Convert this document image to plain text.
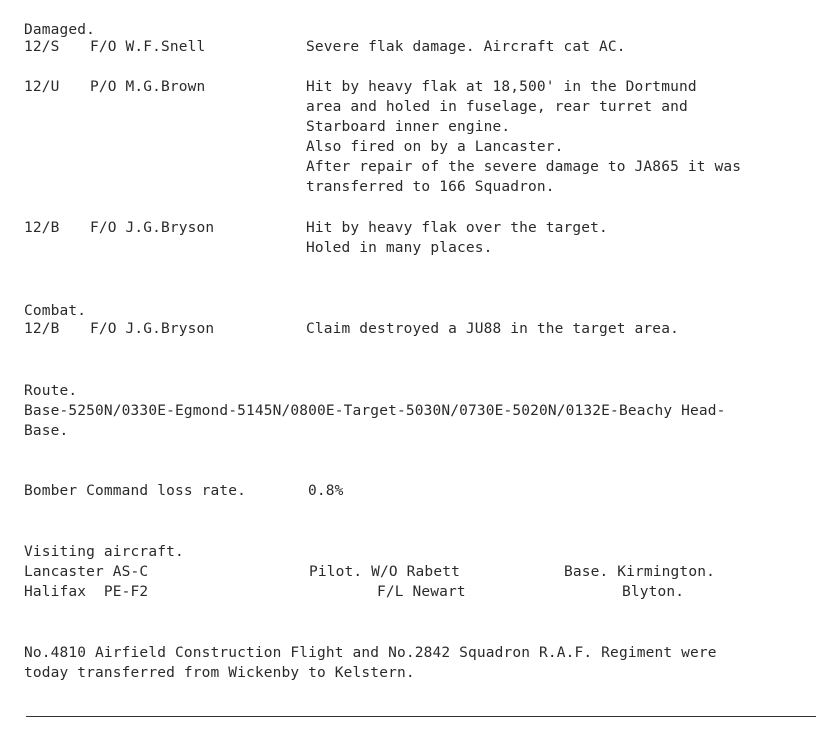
Damaged.
12/S F/O W.F.Snell	Severe flak damage. Aircraft cat AC.
12/U P/O M.G.Brown	Hit by heavy flak at 18,500' in the Dortmund
area and holed in fuselage, rear turret and
Starboard inner engine.
Also fired on by a Lancaster.
After repair of the severe damage to JA865 it was
transferred to 166 Squadron.
12/B F/O J.G.Bryson	Hit by heavy flak over the target.
Holed in many places.
Combat.
12/B F/O J.G.Bryson	Claim destroyed a JU88 in the target area.
Route.
Base-5250N/0330E-Egmond-5145N/0800E-Target-5030N/0730E-5020N/0132E-Beachy Head-
Base.
Bomber Command loss rate.	0.8%
Visiting aircraft.
Lancaster AS-C	Pilot. W/O Rabett	Base. Kirmington.
Halifax  PE-F2	F/L Newart	Blyton.
No.4810 Airfield Construction Flight and No.2842 Squadron R.A.F. Regiment were
today transferred from Wickenby to Kelstern.
